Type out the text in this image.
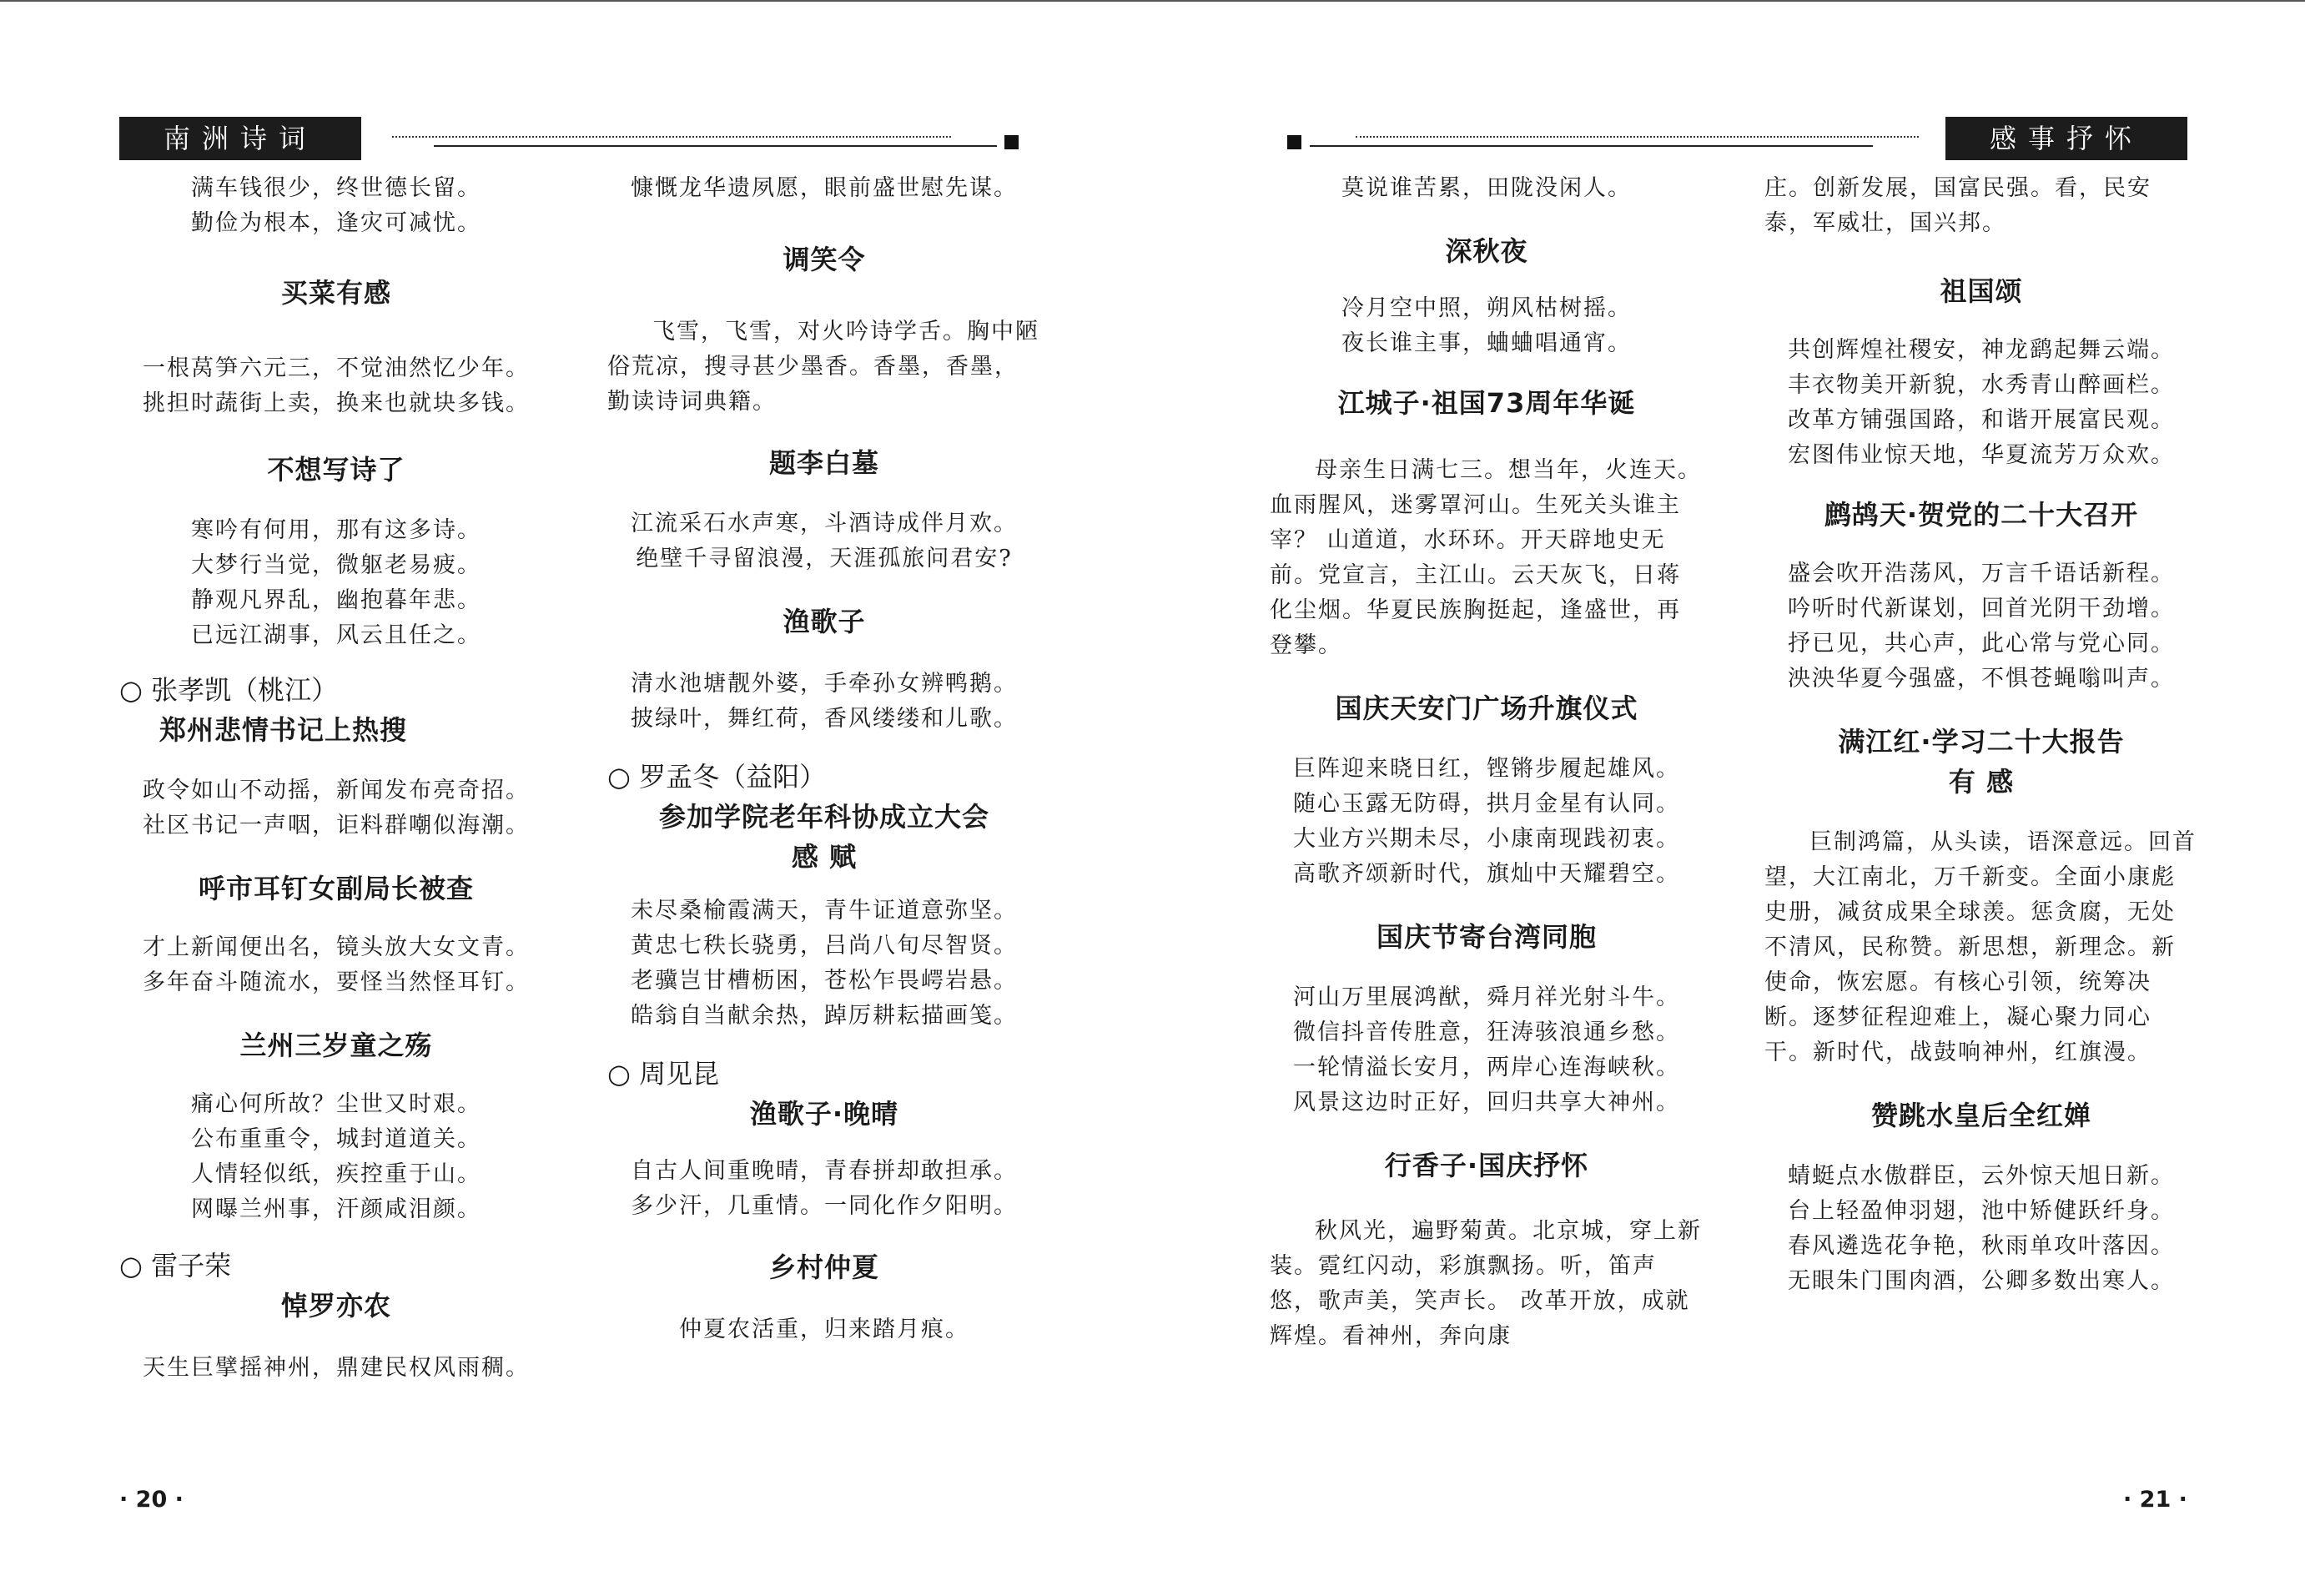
南洲诗词	感事抒怀

满车钱很少，终世德长留。

勤俭为根本，逢灾可减忧。

买菜有感

一根莴笋六元三，不觉油然忆少年。

挑担时蔬街上卖，换来也就块多钱。

不想写诗了

寒吟有何用，那有这多诗。

大梦行当觉，微躯老易疲。

静观凡界乱，幽抱暮年悲。

已远江湖事，风云且任之。

○ 张孝凯（桃江）
郑州悲情书记上热搜

政令如山不动摇，新闻发布亮奇招。

社区书记一声咽，讵料群嘲似海潮。

呼市耳钉女副局长被查

才上新闻便出名，镜头放大女文青。

多年奋斗随流水，要怪当然怪耳钉。

兰州三岁童之殇

痛心何所故？尘世又时艰。

公布重重令，城封道道关。

人情轻似纸，疾控重于山。

网曝兰州事，汗颜咸泪颜。

○ 雷子荣
悼罗亦农

天生巨擘摇神州，鼎建民权风雨稠。

慷慨龙华遗夙愿，眼前盛世慰先谋。

调笑令

飞雪，飞雪，对火吟诗学舌。胸中陋俗荒凉，搜寻甚少墨香。香墨，香墨，勤读诗词典籍。

题李白墓

江流采石水声寒，斗酒诗成伴月欢。

绝壁千寻留浪漫，天涯孤旅问君安?

渔歌子

清水池塘靓外婆，手牵孙女辨鸭鹅。

披绿叶，舞红荷，香风缕缕和儿歌。

○ 罗孟冬（益阳）
参加学院老年科协成立大会
感 赋

未尽桑榆霞满天，青牛证道意弥坚。

黄忠七秩长骁勇，吕尚八旬尽智贤。

老骥岂甘槽枥困，苍松乍畏崿岩悬。

皓翁自当献余热，踔厉耕耘描画笺。

○ 周见昆
渔歌子·晚晴

自古人间重晚晴，青春拼却敢担承。

多少汗，几重情。一同化作夕阳明。

乡村仲夏

仲夏农活重，归来踏月痕。

莫说谁苦累，田陇没闲人。

深秋夜

冷月空中照，朔风枯树摇。

夜长谁主事，蛐蛐唱通宵。

江城子·祖国73周年华诞

母亲生日满七三。想当年，火连天。血雨腥风，迷雾罩河山。生死关头谁主宰？ 山道道，水环环。开天辟地史无前。党宣言，主江山。云天灰飞，日蒋化尘烟。华夏民族胸挺起，逢盛世，再登攀。

国庆天安门广场升旗仪式

巨阵迎来晓日红，铿锵步履起雄风。

随心玉露无防碍，拱月金星有认同。

大业方兴期未尽，小康南现践初衷。

高歌齐颂新时代，旗灿中天耀碧空。

国庆节寄台湾同胞

河山万里展鸿猷，舜月祥光射斗牛。

微信抖音传胜意，狂涛骇浪通乡愁。

一轮情溢长安月，两岸心连海峡秋。

风景这边时正好，回归共享大神州。

行香子·国庆抒怀

秋风光，遍野菊黄。北京城，穿上新装。霓红闪动，彩旗飘扬。听，笛声悠，歌声美，笑声长。 改革开放，成就辉煌。看神州，奔向康

庄。创新发展，国富民强。看，民安

泰，军威壮，国兴邦。

祖国颂

共创辉煌社稷安，神龙鹞起舞云端。

丰衣物美开新貌，水秀青山醉画栏。

改革方铺强国路，和谐开展富民观。

宏图伟业惊天地，华夏流芳万众欢。

鹧鸪天·贺党的二十大召开

盛会吹开浩荡风，万言千语话新程。

吟听时代新谋划，回首光阴干劲增。

抒已见，共心声，此心常与党心同。

泱泱华夏今强盛，不惧苍蝇嗡叫声。

满江红·学习二十大报告
有 感

巨制鸿篇，从头读，语深意远。回首望，大江南北，万千新变。全面小康彪史册，减贫成果全球羡。惩贪腐，无处不清风，民称赞。新思想，新理念。新使命，恢宏愿。有核心引领，统筹决断。逐梦征程迎难上，凝心聚力同心干。新时代，战鼓响神州，红旗漫。

赞跳水皇后全红婵

蜻蜓点水傲群臣，云外惊天旭日新。

台上轻盈伸羽翅，池中矫健跃纤身。

春风遴选花争艳，秋雨单攻叶落因。

无眼朱门围肉酒，公卿多数出寒人。

· 20 ·	· 21 ·
